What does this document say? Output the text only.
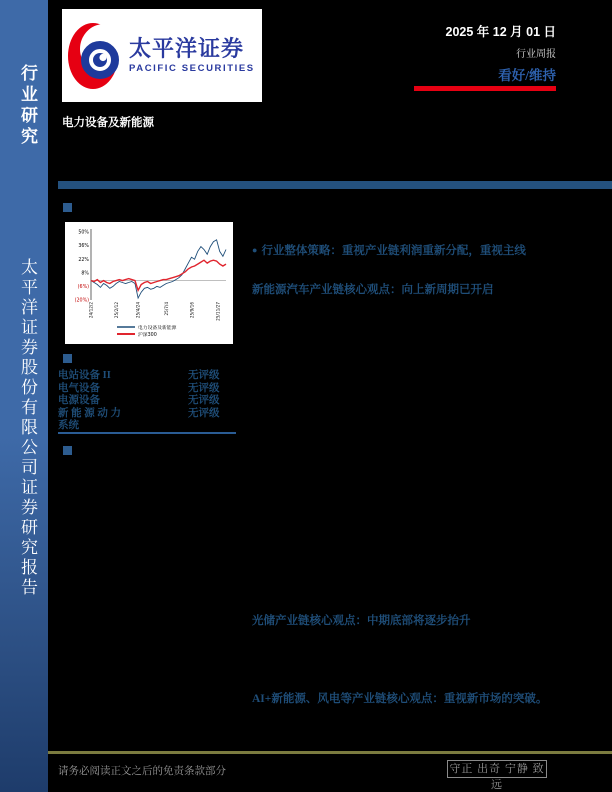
行业研究
太平洋证券股份有限公司证券研究报告
太平洋证券
PACIFIC SECURITIES
2025 年 12 月 01 日
行业周报
看好/维持
电力设备及新能源
50%
36%
22%
8%
(6%)
(20%)
24/12/2	25/2/12	25/4/24	25/7/4	25/9/16	25/11/27
电力设备及新能源
沪深300
● 行业整体策略：重视产业链利润重新分配，重视主线
新能源汽车产业链核心观点：向上新周期已开启
电站设备 II	无评级
电气设备	无评级
电源设备	无评级
新 能 源 动 力	无评级
系统
光储产业链核心观点：中期底部将逐步抬升
AI+新能源、风电等产业链核心观点：重视新市场的突破。
请务必阅读正文之后的免责条款部分	守正 出奇 宁静 致远
